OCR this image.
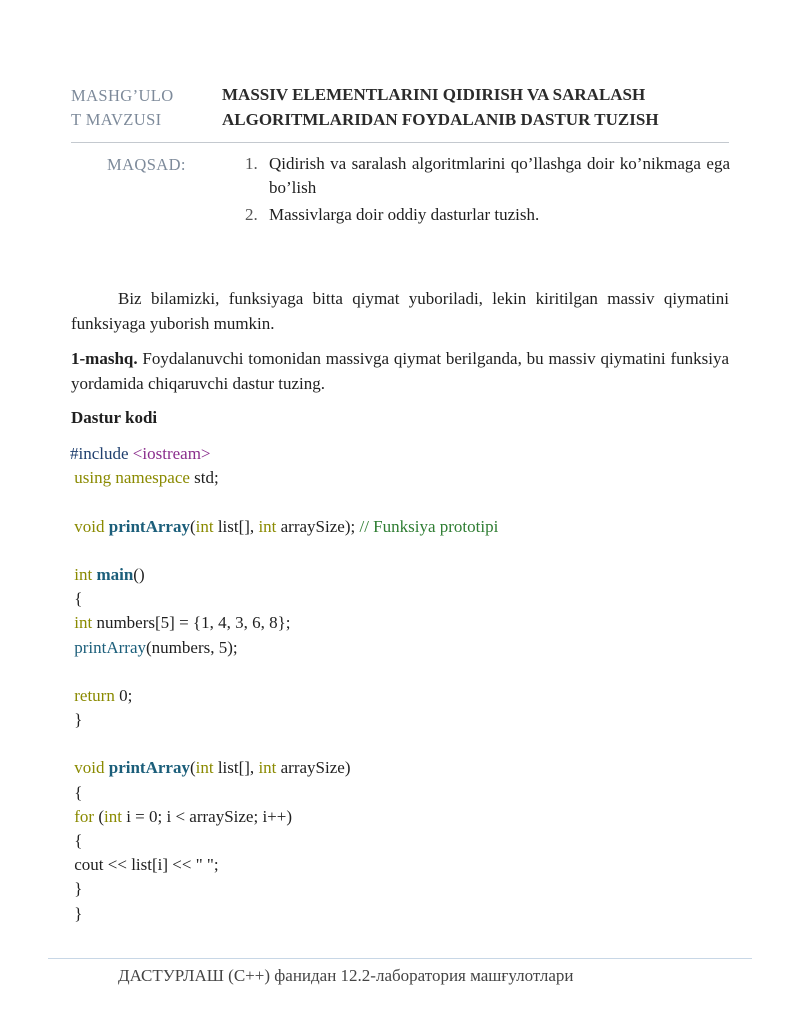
MASHG’ULO
T MAVZUSI
MASSIV ELEMENTLARINI QIDIRISH VA SARALASH
ALGORITMLARIDAN FOYDALANIB DASTUR TUZISH
MAQSAD:	1. Qidirish va saralash algoritmlarini qo’llashga doir ko’nikmaga ega bo’lish
2. Massivlarga doir oddiy dasturlar tuzish.
Biz bilamizki, funksiyaga bitta qiymat yuboriladi, lekin kiritilgan massiv qiymatini funksiyaga yuborish mumkin.
1-mashq. Foydalanuvchi tomonidan massivga qiymat berilganda, bu massiv qiymatini funksiya yordamida chiqaruvchi dastur tuzing.
Dastur kodi
#include <iostream>
using namespace std;
void printArray(int list[], int arraySize); // Funksiya prototipi
int main()
{
int numbers[5] = {1, 4, 3, 6, 8};
printArray(numbers, 5);
return 0;
}
void printArray(int list[], int arraySize)
{
for (int i = 0; i < arraySize; i++)
{
cout << list[i] << " ";
}
}
ДАСТУРЛАШ (С++) фанидан 12.2-лаборатория машғулотлари
